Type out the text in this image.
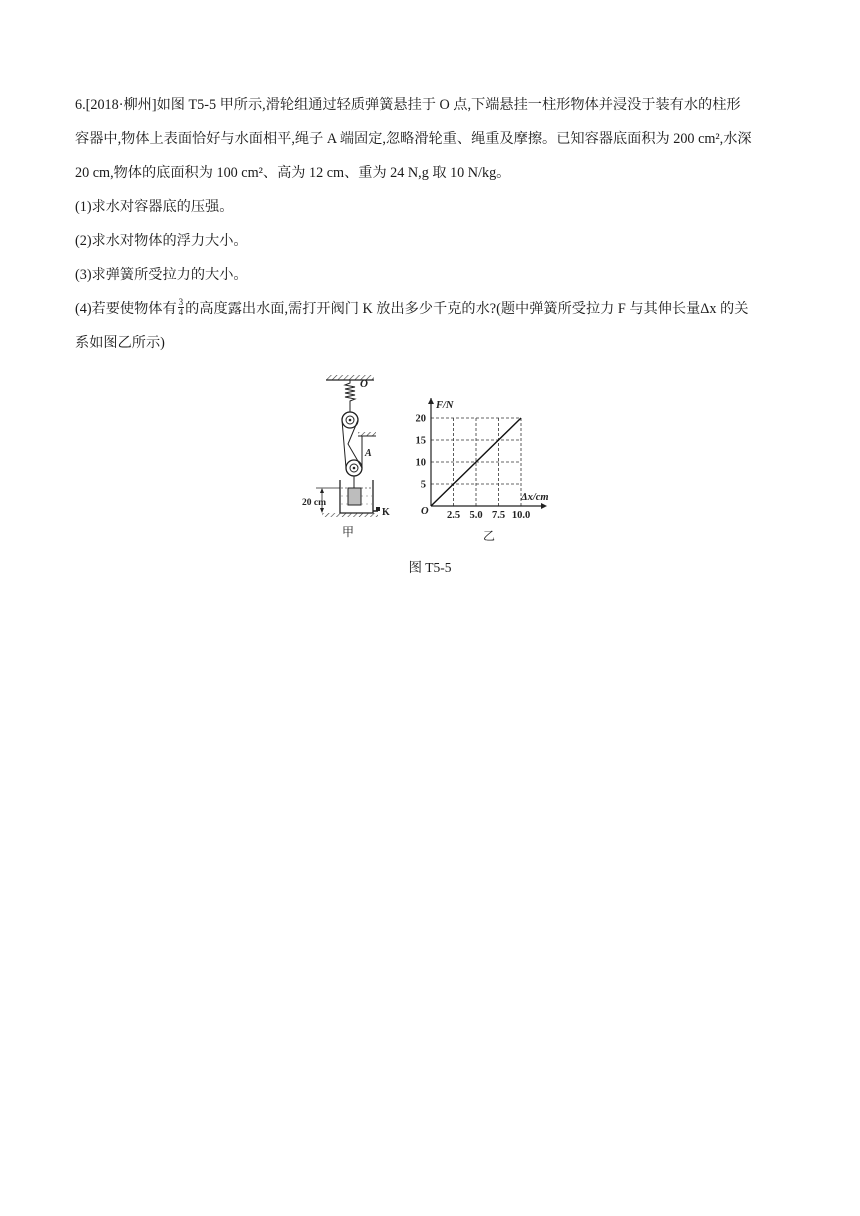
6.[2018·柳州]如图 T5-5 甲所示,滑轮组通过轻质弹簧悬挂于 O 点,下端悬挂一柱形物体并浸没于装有水的柱形

容器中,物体上表面恰好与水面相平,绳子 A 端固定,忽略滑轮重、绳重及摩擦。已知容器底面积为 200 cm²,水深

20 cm,物体的底面积为 100 cm²、高为 12 cm、重为 24 N,g 取 10 N/kg。

(1)求水对容器底的压强。

(2)求水对物体的浮力大小。

(3)求弹簧所受拉力的大小。

(4)若要使物体有 $\frac{3}{4}$ 的高度露出水面,需打开阀门 K 放出多少千克的水?(题中弹簧所受拉力 F 与其伸长量Δx 的关

系如图乙所示)

O
A
K
20 cm
甲
2.5 5.0 7.5 10.0
5
10
15
20
O
F/N
Δx/cm
乙
图 T5-5
